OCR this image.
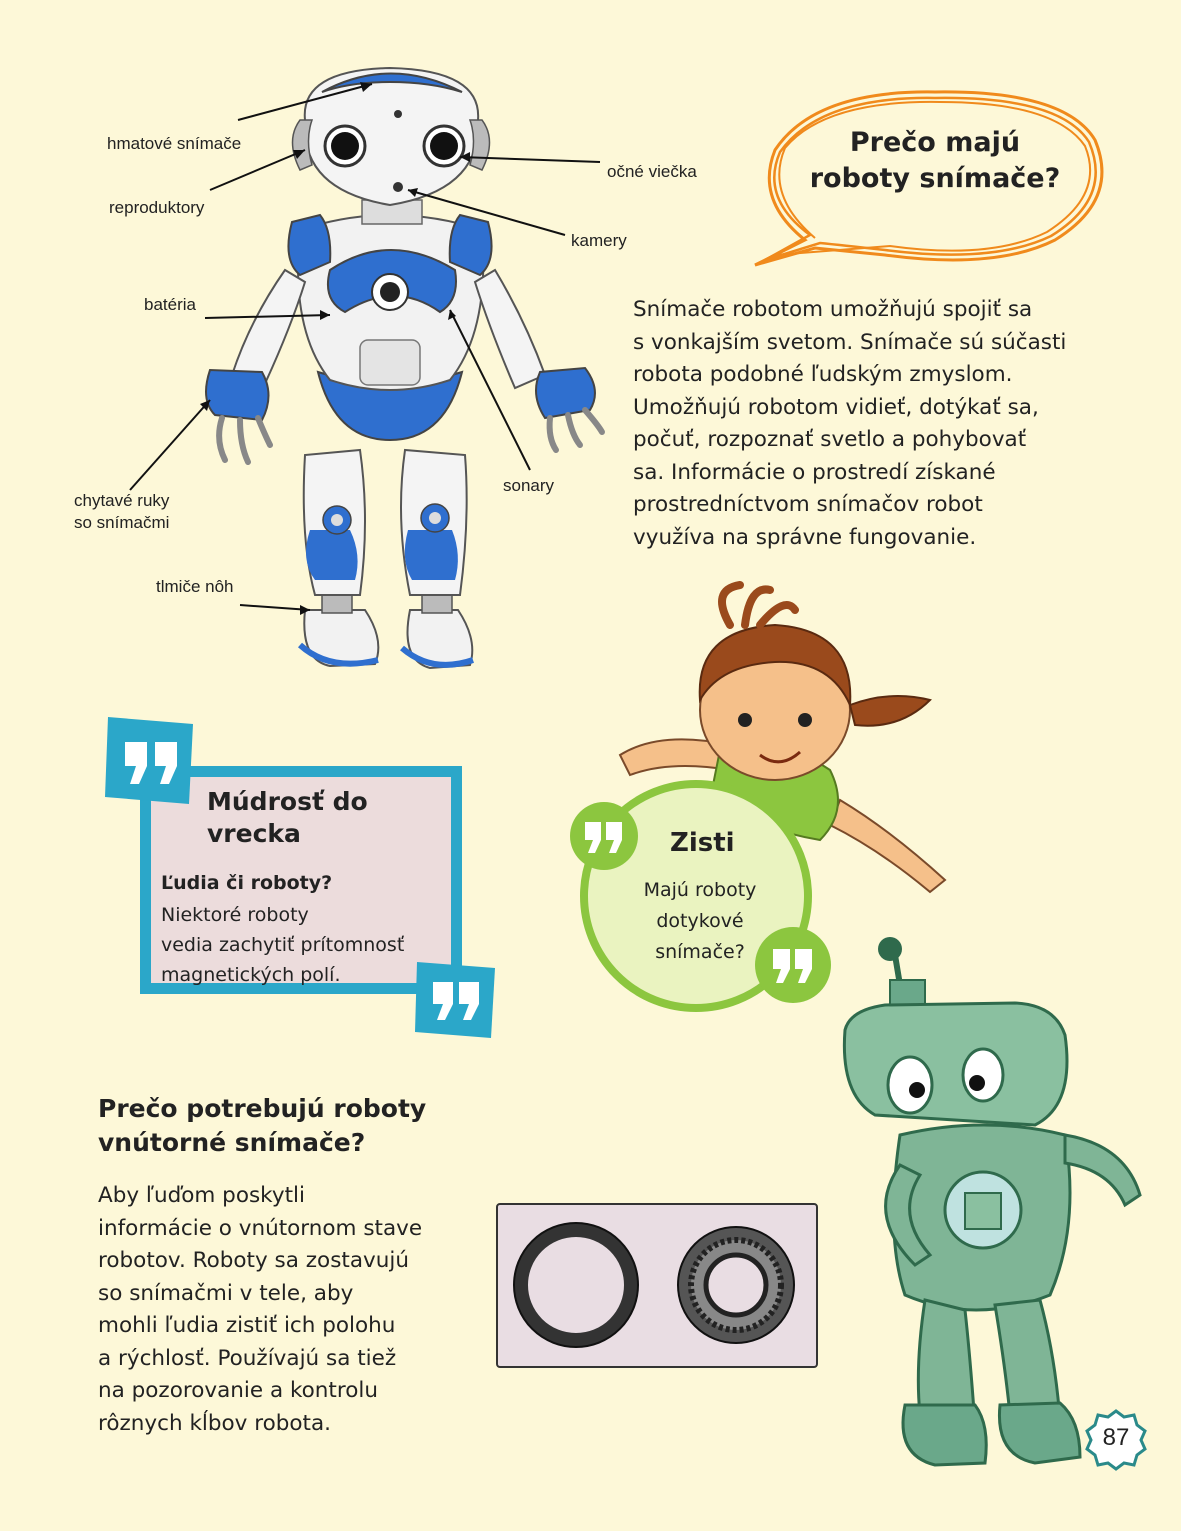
hmatové snímače
reproduktory
batéria
chytavé ruky
so snímačmi
tlmiče nôh
očné viečka
kamery
sonary
Prečo majú
roboty snímače?
Snímače robotom umožňujú spojiť sa
s vonkajším svetom. Snímače sú súčasti
robota podobné ľudským zmyslom.
Umožňujú robotom vidieť, dotýkať sa,
počuť, rozpoznať svetlo a pohybovať
sa. Informácie o prostredí získané
prostredníctvom snímačov robot
využíva na správne fungovanie.
Múdrosť do
vrecka
Ľudia či roboty?
Niektoré roboty
vedia zachytiť prítomnosť
magnetických polí.
Zisti
Majú roboty
dotykové
snímače?
Prečo potrebujú roboty
vnútorné snímače?
Aby ľuďom poskytli
informácie o vnútornom stave
robotov. Roboty sa zostavujú
so snímačmi v tele, aby
mohli ľudia zistiť ich polohu
a rýchlosť. Používajú sa tiež
na pozorovanie a kontrolu
rôznych kĺbov robota.
87
